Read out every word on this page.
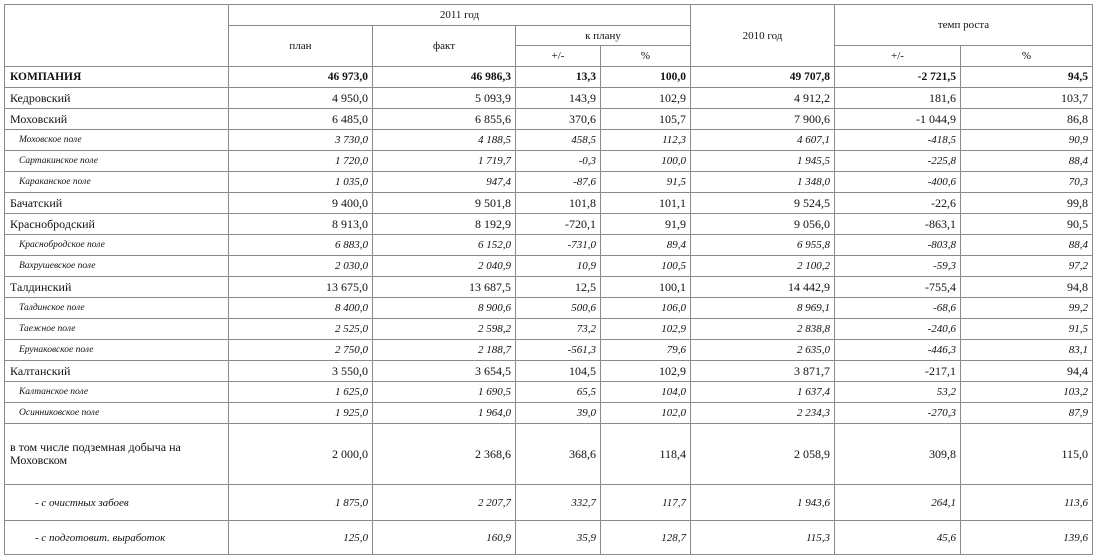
	2011 год				2010 год	темп роста	
	план	факт	к плану				
			+/-	%		+/-	%
КОМПАНИЯ	46 973,0	46 986,3	13,3	100,0	49 707,8	-2 721,5	94,5
Кедровский	4 950,0	5 093,9	143,9	102,9	4 912,2	181,6	103,7
Моховский	6 485,0	6 855,6	370,6	105,7	7 900,6	-1 044,9	86,8
Моховское поле	3 730,0	4 188,5	458,5	112,3	4 607,1	-418,5	90,9
Сартакинское поле	1 720,0	1 719,7	-0,3	100,0	1 945,5	-225,8	88,4
Караканское поле	1 035,0	947,4	-87,6	91,5	1 348,0	-400,6	70,3
Бачатский	9 400,0	9 501,8	101,8	101,1	9 524,5	-22,6	99,8
Краснобродский	8 913,0	8 192,9	-720,1	91,9	9 056,0	-863,1	90,5
Краснобродское поле	6 883,0	6 152,0	-731,0	89,4	6 955,8	-803,8	88,4
Вахрушевское поле	2 030,0	2 040,9	10,9	100,5	2 100,2	-59,3	97,2
Талдинский	13 675,0	13 687,5	12,5	100,1	14 442,9	-755,4	94,8
Талдинское поле	8 400,0	8 900,6	500,6	106,0	8 969,1	-68,6	99,2
Таежное поле	2 525,0	2 598,2	73,2	102,9	2 838,8	-240,6	91,5
Ерунаковское поле	2 750,0	2 188,7	-561,3	79,6	2 635,0	-446,3	83,1
Калтанский	3 550,0	3 654,5	104,5	102,9	3 871,7	-217,1	94,4
Калтанское поле	1 625,0	1 690,5	65,5	104,0	1 637,4	53,2	103,2
Осинниковское поле	1 925,0	1 964,0	39,0	102,0	2 234,3	-270,3	87,9
в том числе подземная добыча на Моховском	2 000,0	2 368,6	368,6	118,4	2 058,9	309,8	115,0
- с очистных забоев	1 875,0	2 207,7	332,7	117,7	1 943,6	264,1	113,6
- с подготовит. выработок	125,0	160,9	35,9	128,7	115,3	45,6	139,6
